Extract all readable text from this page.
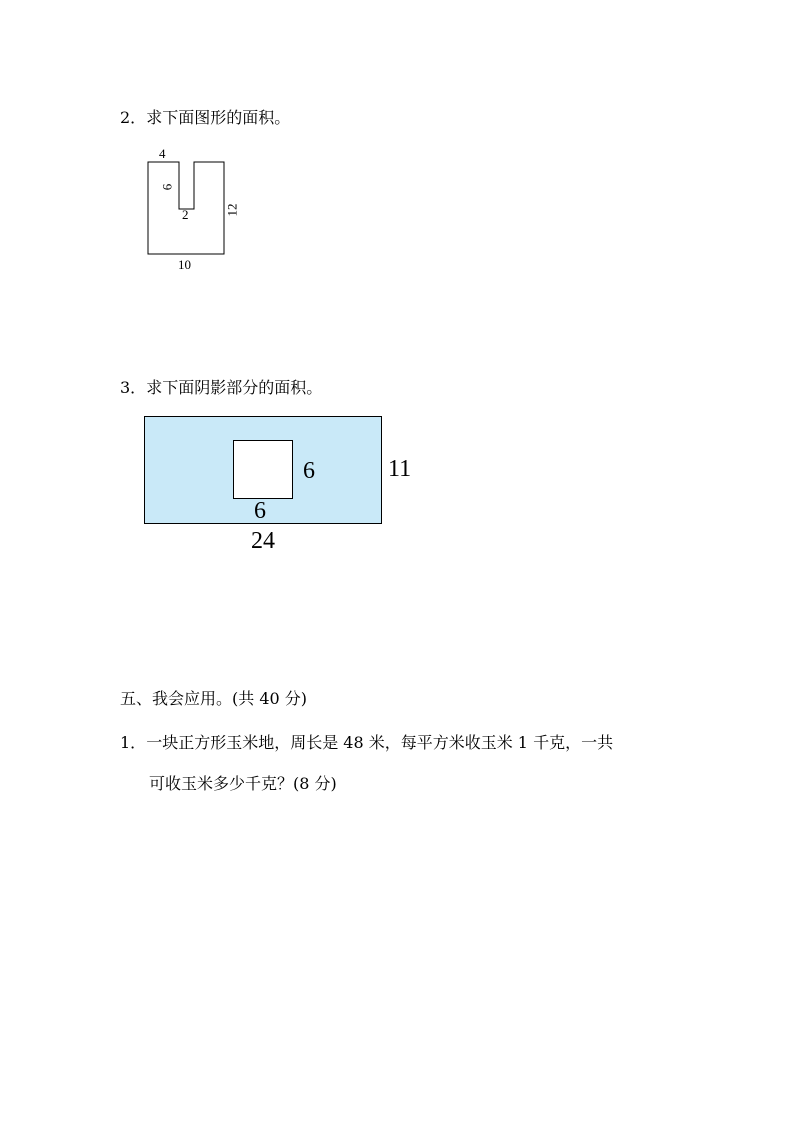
2．求下面图形的面积。
4
6
2	12
10
3．求下面阴影部分的面积。
6
6
11
24
五、我会应用。(共 40 分)
1．一块正方形玉米地，周长是 48 米，每平方米收玉米 1 千克，一共
可收玉米多少千克？(8 分)
